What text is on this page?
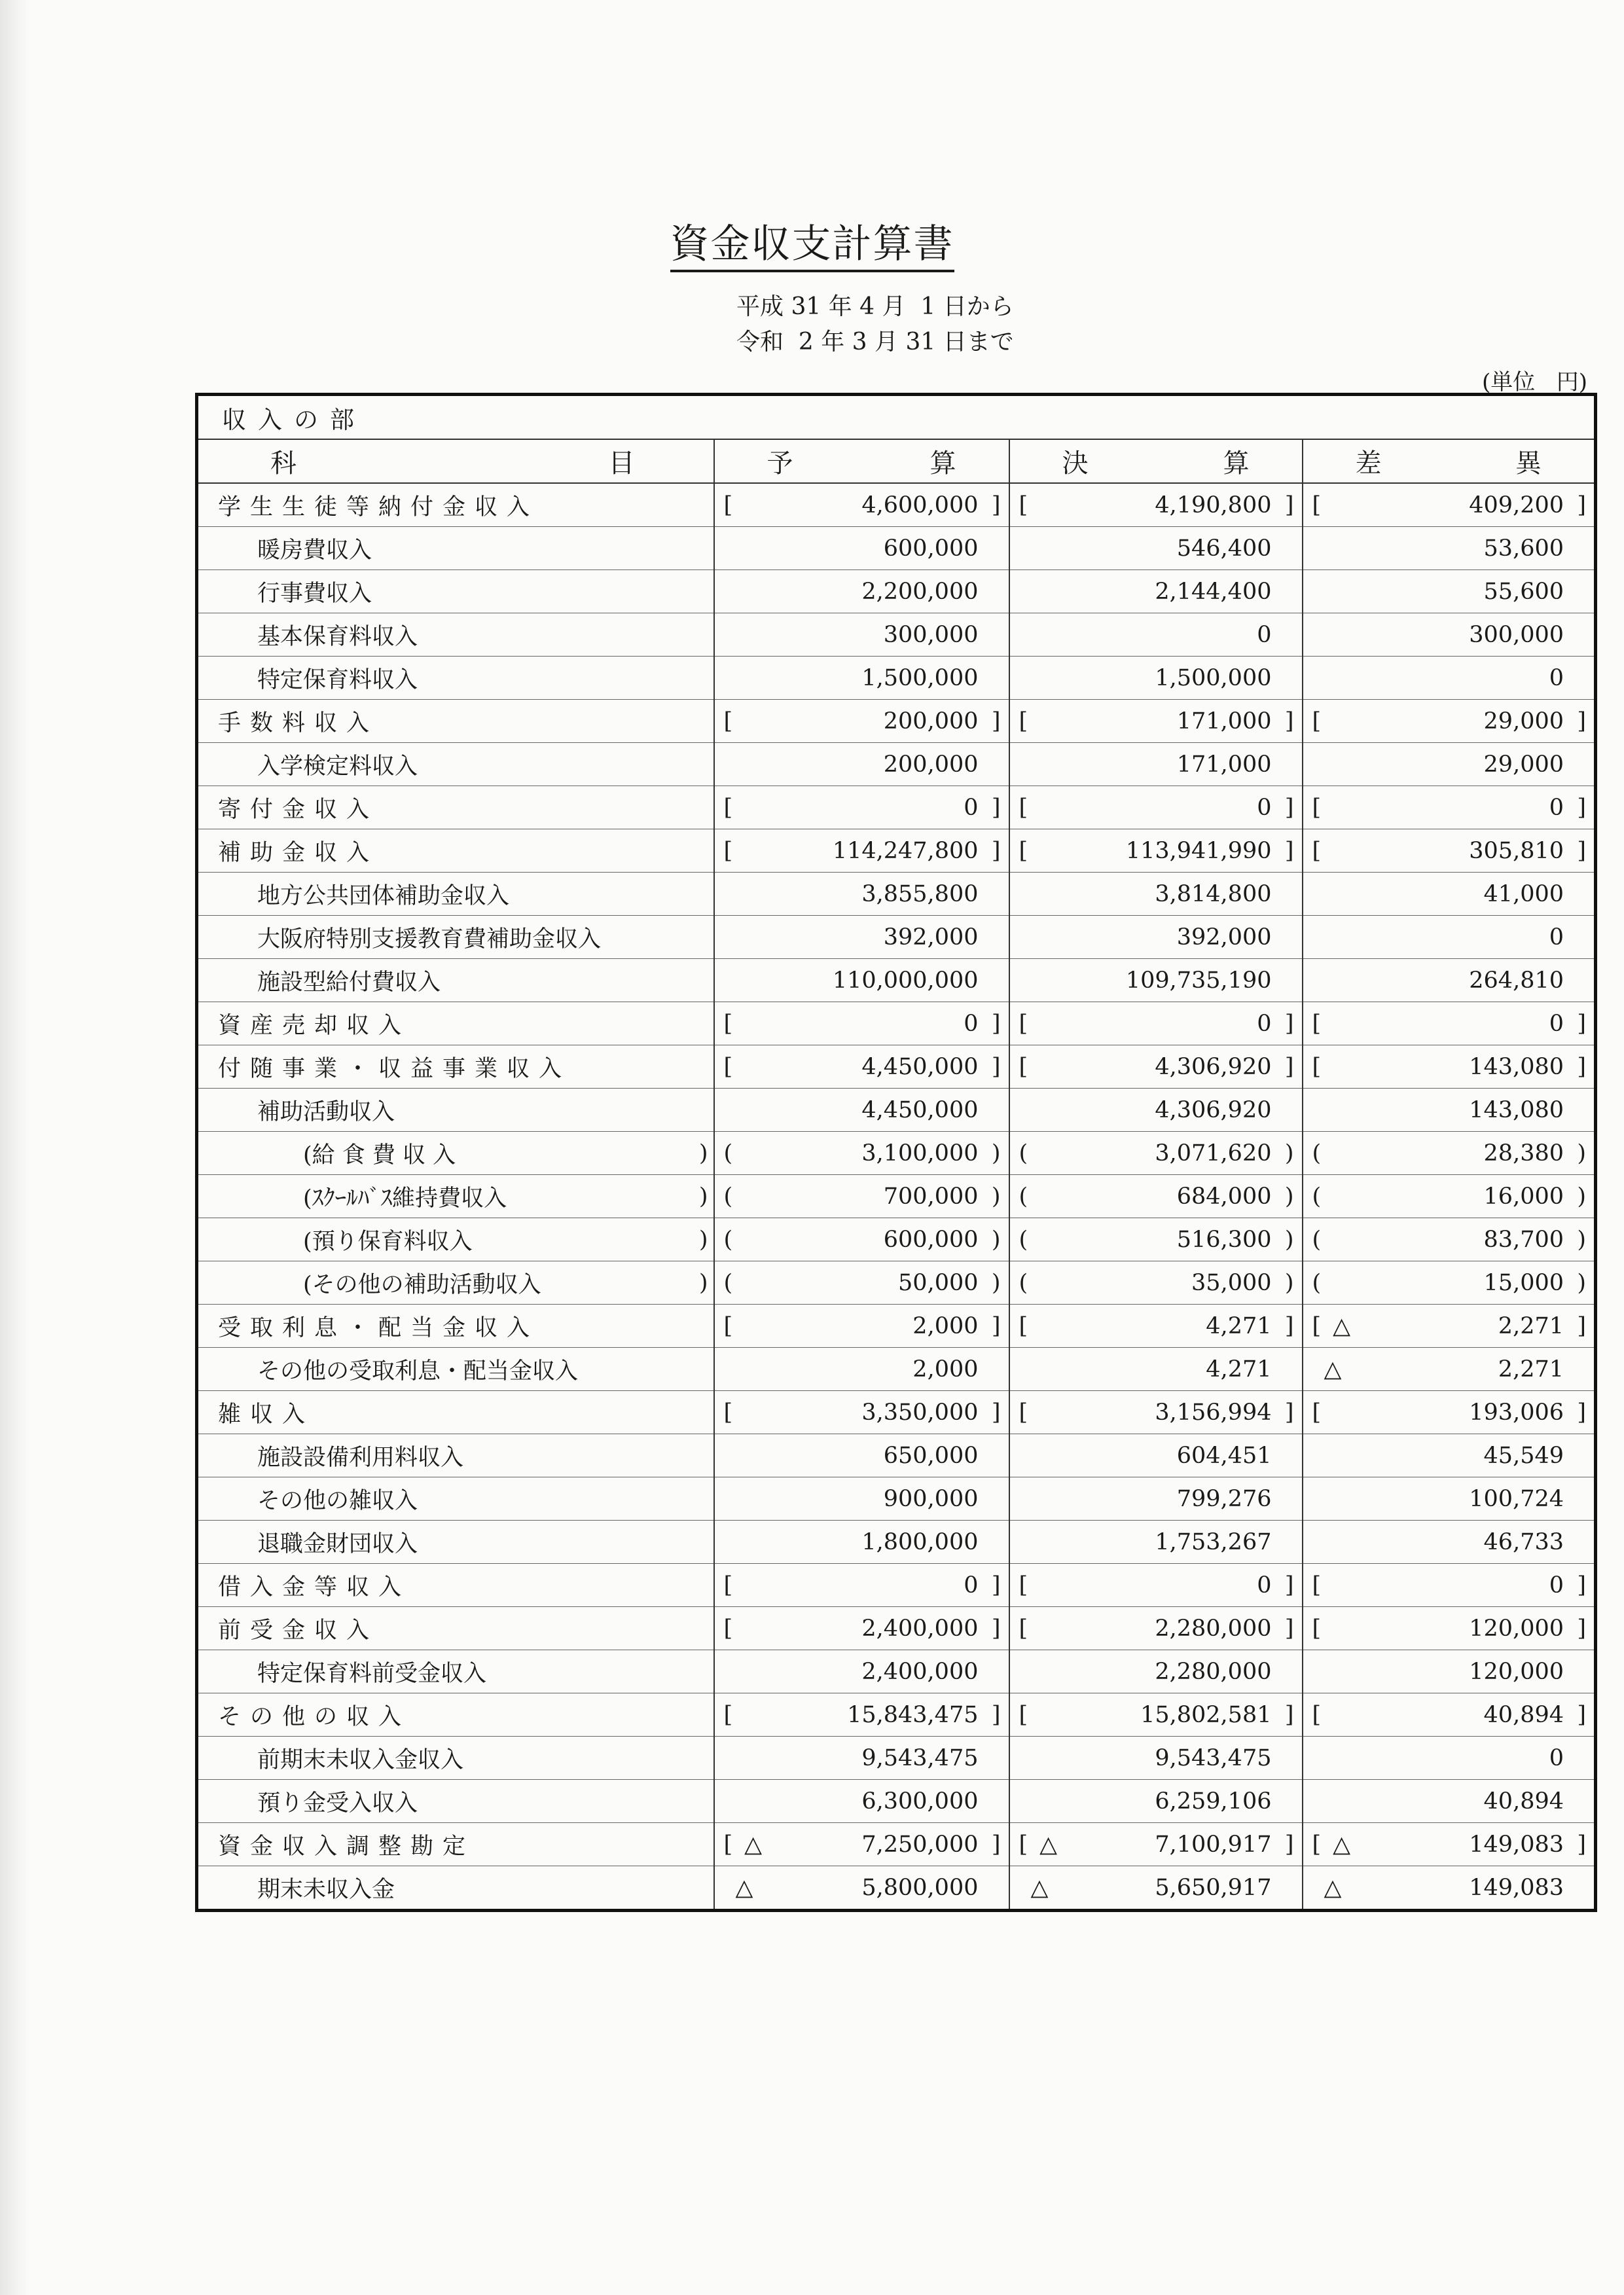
資金収支計算書
平成 31 年 4 月  1 日から
令和  2 年 3 月 31 日まで
(単位   円)
収入の部			

科 目	予 算	決 算	差 異

学生生徒等納付金収入	[ 4,600,000 ]	[ 4,190,800 ]	[ 409,200 ]

暖房費収入	600,000	546,400	53,600

行事費収入	2,200,000	2,144,400	55,600

基本保育料収入	300,000	0	300,000

特定保育料収入	1,500,000	1,500,000	0

手数料収入	[ 200,000 ]	[ 171,000 ]	[ 29,000 ]

入学検定料収入	200,000	171,000	29,000

寄付金収入	[ 0 ]	[ 0 ]	[ 0 ]

補助金収入	[ 114,247,800 ]	[ 113,941,990 ]	[ 305,810 ]

地方公共団体補助金収入	3,855,800	3,814,800	41,000

大阪府特別支援教育費補助金収入	392,000	392,000	0

施設型給付費収入	110,000,000	109,735,190	264,810

資産売却収入	[ 0 ]	[ 0 ]	[ 0 ]

付随事業・収益事業収入	[ 4,450,000 ]	[ 4,306,920 ]	[ 143,080 ]

補助活動収入	4,450,000	4,306,920	143,080

(給 食 費 収 入 )	( 3,100,000 )	( 3,071,620 )	( 28,380 )

(ｽｸｰﾙﾊﾞｽ維持費収入 )	( 700,000 )	( 684,000 )	( 16,000 )

(預り保育料収入 )	( 600,000 )	( 516,300 )	( 83,700 )

(その他の補助活動収入 )	( 50,000 )	( 35,000 )	( 15,000 )

受取利息・配当金収入	[ 2,000 ]	[ 4,271 ]	[ △ 2,271 ]

その他の受取利息・配当金収入	2,000	4,271	△ 2,271

雑収入	[ 3,350,000 ]	[ 3,156,994 ]	[ 193,006 ]

施設設備利用料収入	650,000	604,451	45,549

その他の雑収入	900,000	799,276	100,724

退職金財団収入	1,800,000	1,753,267	46,733

借入金等収入	[ 0 ]	[ 0 ]	[ 0 ]

前受金収入	[ 2,400,000 ]	[ 2,280,000 ]	[ 120,000 ]

特定保育料前受金収入	2,400,000	2,280,000	120,000

その他の収入	[ 15,843,475 ]	[ 15,802,581 ]	[ 40,894 ]

前期末未収入金収入	9,543,475	9,543,475	0

預り金受入収入	6,300,000	6,259,106	40,894

資金収入調整勘定	[ △ 7,250,000 ]	[ △ 7,100,917 ]	[ △ 149,083 ]

期末未収入金	△ 5,800,000	△ 5,650,917	△ 149,083
